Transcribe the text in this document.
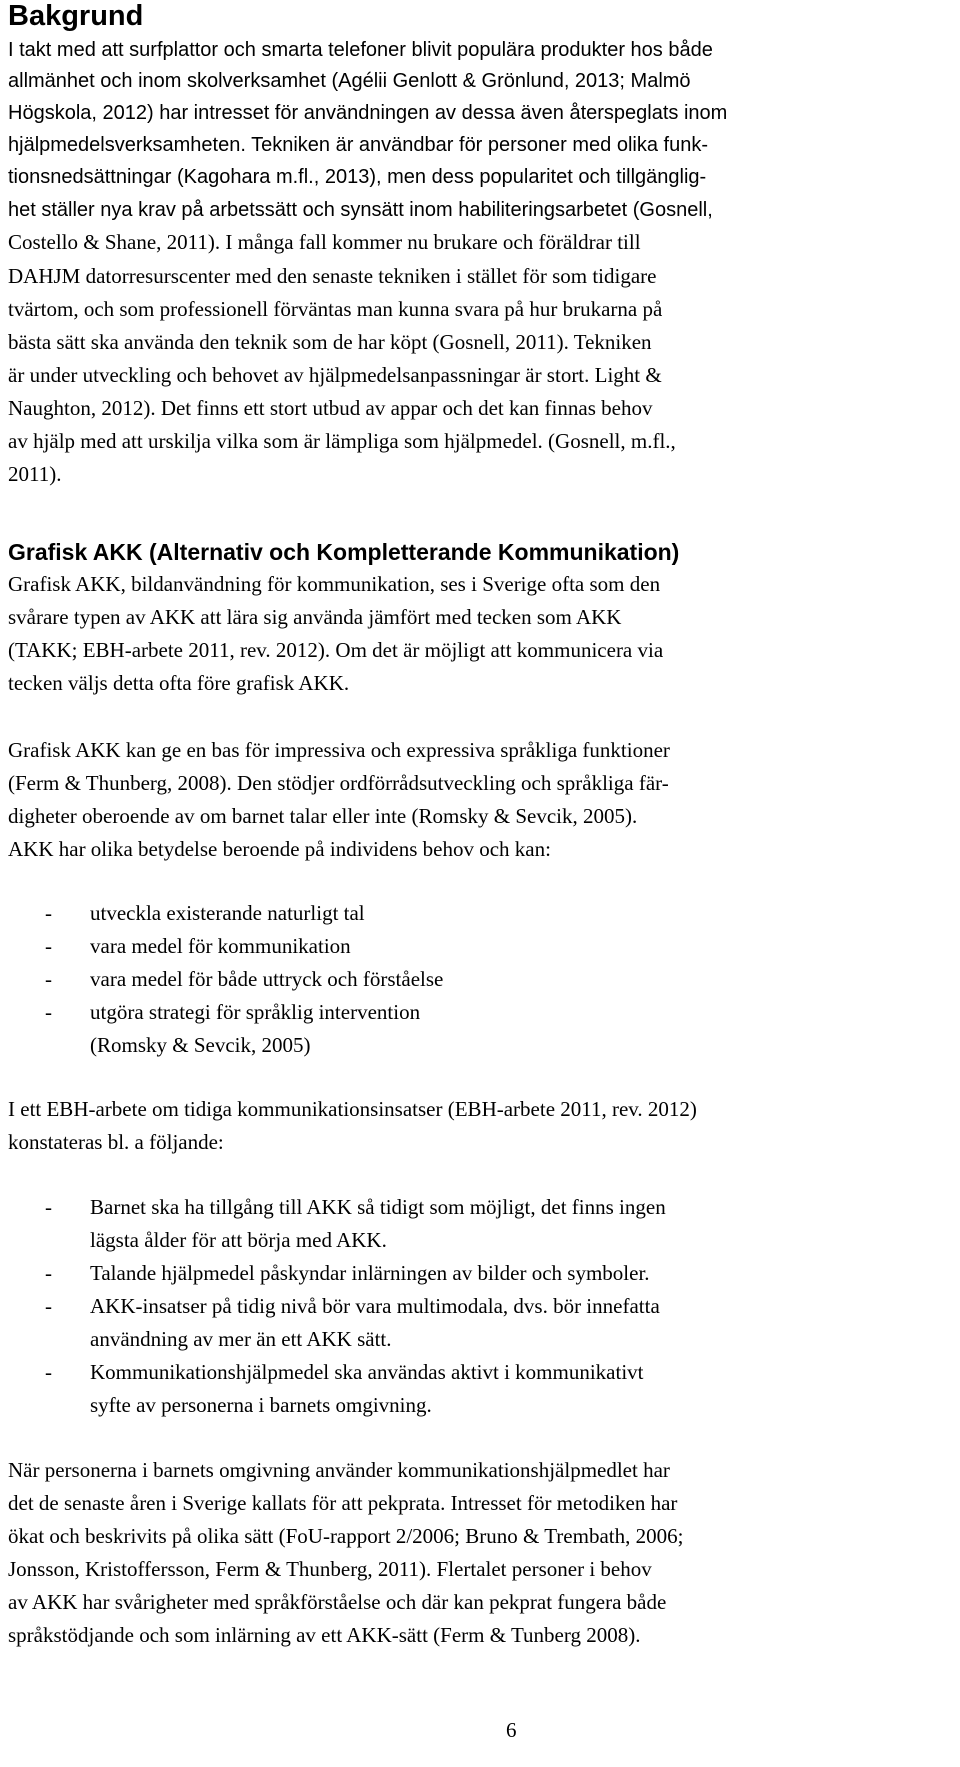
Bakgrund
I takt med att surfplattor och smarta telefoner blivit populära produkter hos både
allmänhet och inom skolverksamhet (Agélii Genlott & Grönlund, 2013; Malmö
Högskola, 2012) har intresset för användningen av dessa även återspeglats inom
hjälpmedelsverksamheten. Tekniken är användbar för personer med olika funk-
tionsnedsättningar (Kagohara m.fl., 2013), men dess popularitet och tillgänglig-
het ställer nya krav på arbetssätt och synsätt inom habiliteringsarbetet (Gosnell,
Costello & Shane, 2011). I många fall kommer nu brukare och föräldrar till
DAHJM datorresurscenter med den senaste tekniken i stället för som tidigare
tvärtom, och som professionell förväntas man kunna svara på hur brukarna på
bästa sätt ska använda den teknik som de har köpt (Gosnell, 2011). Tekniken
är under utveckling och behovet av hjälpmedelsanpassningar är stort. Light &
Naughton, 2012). Det finns ett stort utbud av appar och det kan finnas behov
av hjälp med att urskilja vilka som är lämpliga som hjälpmedel. (Gosnell, m.fl.,
2011).
Grafisk AKK (Alternativ och Kompletterande Kommunikation)
Grafisk AKK, bildanvändning för kommunikation, ses i Sverige ofta som den
svårare typen av AKK att lära sig använda jämfört med tecken som AKK
(TAKK; EBH-arbete 2011, rev. 2012). Om det är möjligt att kommunicera via
tecken väljs detta ofta före grafisk AKK.
Grafisk AKK kan ge en bas för impressiva och expressiva språkliga funktioner
(Ferm & Thunberg, 2008). Den stödjer ordförrådsutveckling och språkliga fär-
digheter oberoende av om barnet talar eller inte (Romsky & Sevcik, 2005).
AKK har olika betydelse beroende på individens behov och kan:
- utveckla existerande naturligt tal
- vara medel för kommunikation
- vara medel för både uttryck och förståelse
- utgöra strategi för språklig intervention
(Romsky & Sevcik, 2005)
I ett EBH-arbete om tidiga kommunikationsinsatser (EBH-arbete 2011, rev. 2012)
konstateras bl. a följande:
- Barnet ska ha tillgång till AKK så tidigt som möjligt, det finns ingen
lägsta ålder för att börja med AKK.
- Talande hjälpmedel påskyndar inlärningen av bilder och symboler.
- AKK-insatser på tidig nivå bör vara multimodala, dvs. bör innefatta
användning av mer än ett AKK sätt.
- Kommunikationshjälpmedel ska användas aktivt i kommunikativt
syfte av personerna i barnets omgivning.
När personerna i barnets omgivning använder kommunikationshjälpmedlet har
det de senaste åren i Sverige kallats för att pekprata. Intresset för metodiken har
ökat och beskrivits på olika sätt (FoU-rapport 2/2006; Bruno & Trembath, 2006;
Jonsson, Kristoffersson, Ferm & Thunberg, 2011). Flertalet personer i behov
av AKK har svårigheter med språkförståelse och där kan pekprat fungera både
språkstödjande och som inlärning av ett AKK-sätt (Ferm & Tunberg 2008).
6
